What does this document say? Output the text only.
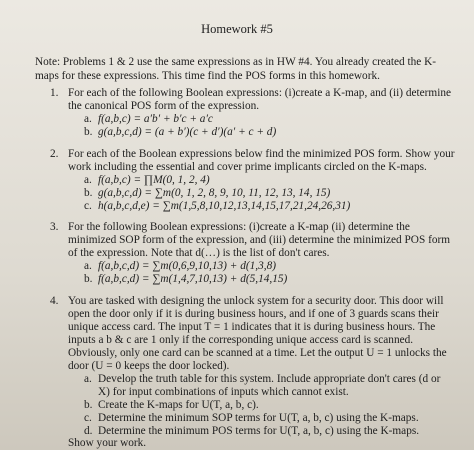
Homework #5
Note: Problems 1 & 2 use the same expressions as in HW #4. You already created the K-
maps for these expressions. This time find the POS forms in this homework.
1. For each of the following Boolean expressions: (i)create a K-map, and (ii) determine
the canonical POS form of the expression.
a. f(a,b,c) = a′b′ + b′c + a′c
b. g(a,b,c,d) = (a + b′)(c + d′)(a′ + c + d)
2. For each of the Boolean expressions below find the minimized POS form. Show your
work including the essential and cover prime implicants circled on the K-maps.
a. f(a,b,c) = ∏M(0, 1, 2, 4)
b. g(a,b,c,d) = ∑m(0, 1, 2, 8, 9, 10, 11, 12, 13, 14, 15)
c. h(a,b,c,d,e) = ∑m(1,5,8,10,12,13,14,15,17,21,24,26,31)
3. For the following Boolean expressions: (i)create a K-map (ii) determine the
minimized SOP form of the expression, and (iii) determine the minimized POS form
of the expression. Note that d(…) is the list of don't cares.
a. f(a,b,c,d) = ∑m(0,6,9,10,13) + d(1,3,8)
b. f(a,b,c,d) = ∑m(1,4,7,10,13) + d(5,14,15)
4. You are tasked with designing the unlock system for a security door. This door will
open the door only if it is during business hours, and if one of 3 guards scans their
unique access card. The input T = 1 indicates that it is during business hours. The
inputs a b & c are 1 only if the corresponding unique access card is scanned.
Obviously, only one card can be scanned at a time. Let the output U = 1 unlocks the
door (U = 0 keeps the door locked).
a. Develop the truth table for this system. Include appropriate don't cares (d or
X) for input combinations of inputs which cannot exist.
b. Create the K-maps for U(T, a, b, c).
c. Determine the minimum SOP terms for U(T, a, b, c) using the K-maps.
d. Determine the minimum POS terms for U(T, a, b, c) using the K-maps.
Show your work.
